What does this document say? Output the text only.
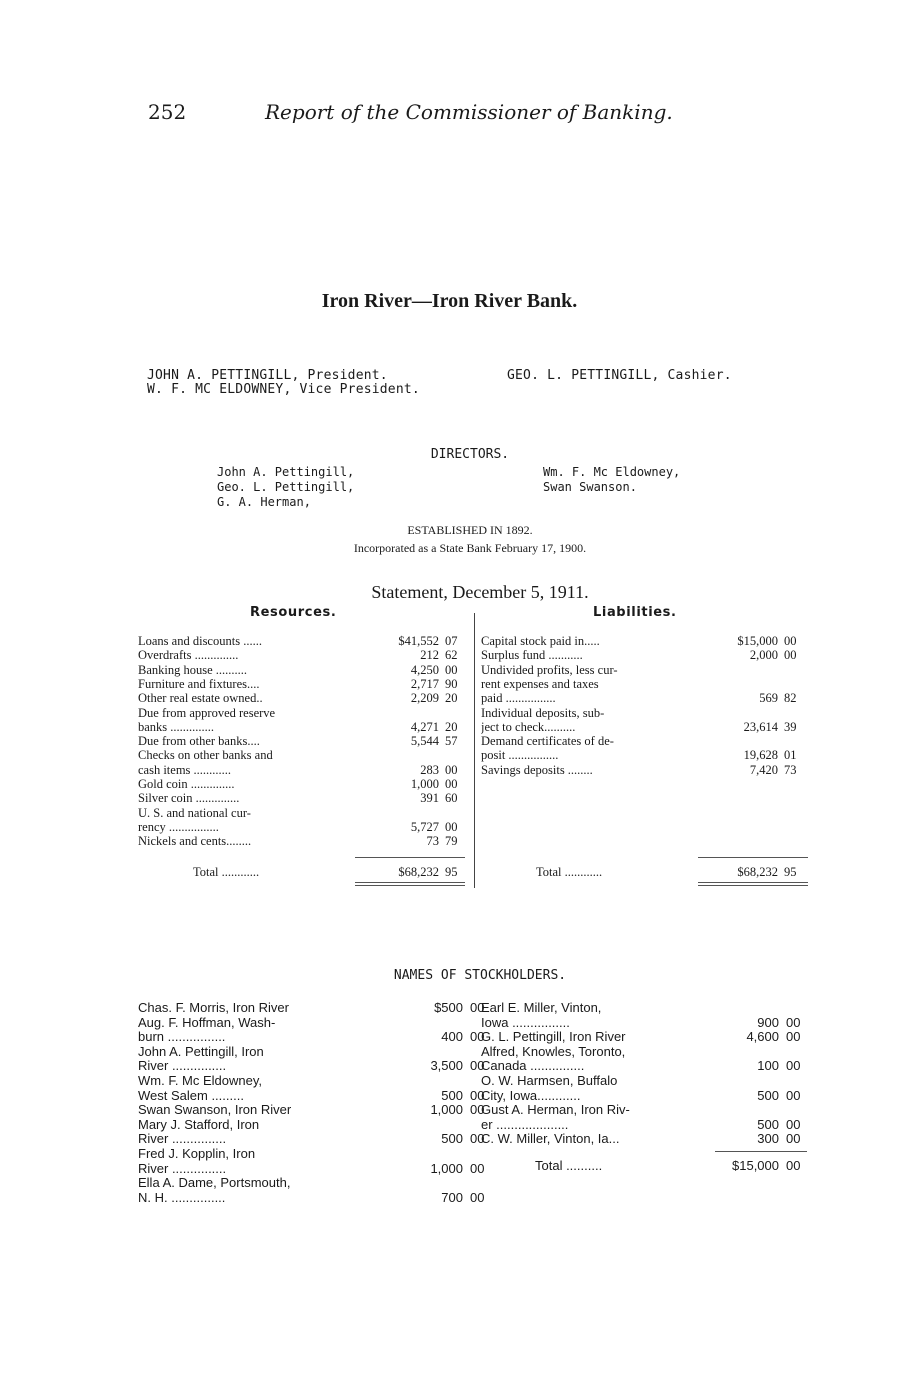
252	Report of the Commissioner of Banking.
Iron River—Iron River Bank.
JOHN A. PETTINGILL, President.
W. F. MC ELDOWNEY, Vice President.
GEO. L. PETTINGILL, Cashier.
DIRECTORS.
John A. Pettingill,
Geo. L. Pettingill,
G. A. Herman,
Wm. F. Mc Eldowney,
Swan Swanson.
ESTABLISHED IN 1892.
Incorporated as a State Bank February 17, 1900.
Statement, December 5, 1911.
Resources.	Liabilities.
Loans and discounts ......	$41,552 07
Overdrafts ..............	212 62
Banking house ..........	4,250 00
Furniture and fixtures....	2,717 90
Other real estate owned..	2,209 20
Due from approved reserve
banks ..............	4,271 20
Due from other banks....	5,544 57
Checks on other banks and
cash items ............	283 00
Gold coin ..............	1,000 00
Silver coin ..............	391 60
U. S. and national cur-
rency ................	5,727 00
Nickels and cents........	73 79
Total ............	$68,232 95
Capital stock paid in.....	$15,000 00
Surplus fund ...........	2,000 00
Undivided profits, less cur-
rent expenses and taxes
paid ................	569 82
Individual deposits, sub-
ject to check..........	23,614 39
Demand certificates of de-
posit ................	19,628 01
Savings deposits ........	7,420 73
Total ............	$68,232 95
NAMES OF STOCKHOLDERS.
Chas. F. Morris, Iron River	$500 00
Aug. F. Hoffman, Wash-
burn ................	400 00
John A. Pettingill, Iron
River ...............	3,500 00
Wm. F. Mc Eldowney,
West Salem .........	500 00
Swan Swanson, Iron River	1,000 00
Mary J. Stafford, Iron
River ...............	500 00
Fred J. Kopplin, Iron
River ...............	1,000 00
Ella A. Dame, Portsmouth,
N. H. ...............	700 00
Earl E. Miller, Vinton,
Iowa ................	900 00
G. L. Pettingill, Iron River	4,600 00
Alfred, Knowles, Toronto,
Canada ...............	100 00
O. W. Harmsen, Buffalo
City, Iowa............	500 00
Gust A. Herman, Iron Riv-
er ....................	500 00
C. W. Miller, Vinton, Ia...	300 00
Total ..........	$15,000 00
